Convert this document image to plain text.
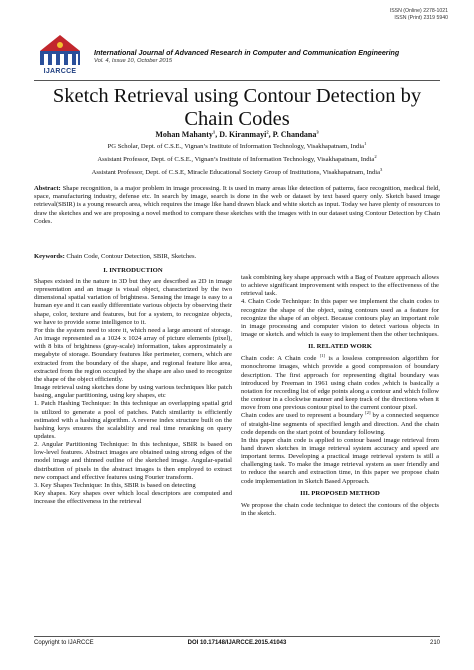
ISSN (Online) 2278-1021
ISSN (Print) 2319 5940
IJARCCE
International Journal of Advanced Research in Computer and Communication Engineering
Vol. 4, Issue 10, October 2015
Sketch Retrieval using Contour Detection by
Chain Codes
Mohan Mahanty$^1$, D. Kiranmayi$^2$, P. Chandana$^3$
PG Scholar, Dept. of C.S.E., Vignan’s Institute of Information Technology, Visakhapatnam, India$^1$
Assistant Professor, Dept. of C.S.E., Vignan’s Institute of Information Technology, Visakhapatnam, India$^2$
Assistant Professor, Dept. of C.S.E, Miracle Educational Society Group of Institutions, Visakhapatnam, India$^3$

Abstract: Shape recognition, is a major problem in image processing. It is used in many areas like detection of patterns, face recognition, medical field, space, manufacturing industry, defense etc. In search by image, search is done in the web or dataset by text based query only. Sketch based image retrieval(SBIR) is a young research area, which requires the image like hand drawn black and white sketch as input. Today we have plenty of resources to draw the sketches and we are proposing a novel method to compare these sketches with the images with in our dataset using Contour Detection by Chain Codes.

Keywords: Chain Code, Contour Detection, SBIR, Sketches.

I. INTRODUCTION

Shapes existed in the nature in 3D but they are described as 2D in image representation and an image is visual object, characterized by the two dimensional spatial variation of brightness. Sensing the image is easy to a human eye and it can easily differentiate various objects by observing their shape, color, texture and features, but for a system, to recognize objects, we have to provide some intelligence to it.

For this the system need to store it, which need a large amount of storage. An image represented as a 1024 x 1024 array of picture elements (pixel), with 8 bits of brightness (gray-scale) information, takes approximately a megabyte of storage. Boundary features like perimeter, corners, which are extracted from the boundary of the shape, and regional feature like area, extracted from the region occupied by the shape are also used to recognize the shape of the object efficiently.

Image retrieval using sketches done by using various techniques like patch basing, angular partitioning, using key shapes, etc

1. Patch Hashing Technique: In this technique an overlapping spatial grid is utilized to generate a pool of patches. Patch similarity is efficiently estimated with a hashing algorithm. A reverse index structure built on the hashing keys ensures the scalability and real time reranking on query updates.

2. Angular Partitioning Technique: In this technique, SBIR is based on low-level features. Abstract images are obtained using strong edges of the model image and thinned outline of the sketched image. Angular-spatial distribution of pixels in the abstract images is then employed to extract new compact and effective features using Fourier transform.

3. Key Shapes Technique: In this, SBIR is based on detecting

Key shapes. Key shapes over which local descriptors are computed and increase the effectiveness in the retrieval

task combining key shape approach with a Bag of Feature approach allows to achieve significant improvement with respect to the effectiveness of the retrieval task.

4. Chain Code Technique: In this paper we implement the chain codes to recognize the shape of the object, using contours used as a feature for recognize the shape of an object. Because contours play an important role in image processing and computer vision to detect various objects in image or sketch. and which is easy to implement then the other techniques.

II. RELATED WORK

Chain code: A Chain code [1] is a lossless compression algorithm for monochrome images, which provide a good compression of boundary description. The first approach for representing digital boundary was introduced by Freeman in 1961 using chain codes ,which is basically a notation for recording list of edge points along a contour and which follow the contour in a clockwise manner and keep track of the directions when it move from one previous contour pixel to the current contour pixel.

Chain codes are used to represent a boundary [2] by a connected sequence of straight-line segments of specified length and direction. And the chain code depends on the start point of boundary following.

In this paper chain code is applied to contour based image retrieval from hand drawn sketches in image retrieval system accuracy and speed are important terms. Developing a practical image retrieval system is still a challenging task. To make the image retrieval system as user friendly and to reduce the search and extraction time, in this paper we propose chain code implementation in Sketch Based Approach.

III. PROPOSED METHOD

We propose the chain code technique to detect the contours of the objects in the sketch.

Copyright to IJARCCE	DOI 10.17148/IJARCCE.2015.41043	210
